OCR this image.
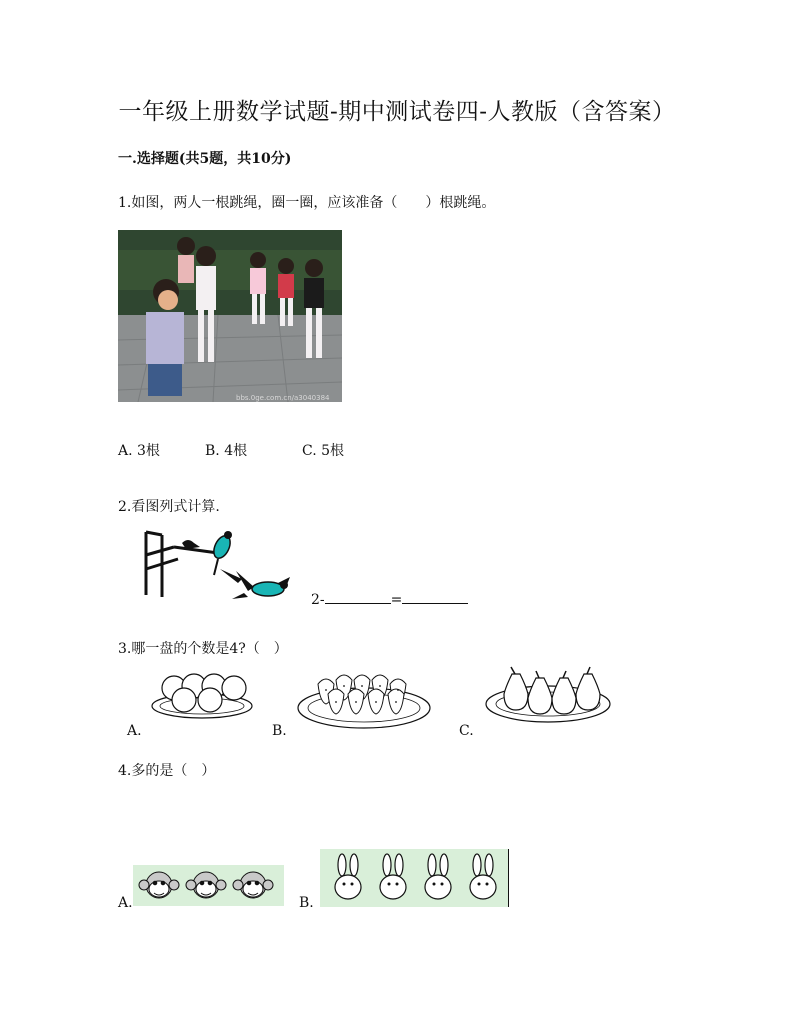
一年级上册数学试题-期中测试卷四-人教版（含答案）
一.选择题(共5题，共10分)
1.如图，两人一根跳绳，圈一圈，应该准备（　　）根跳绳。
bbs.0ge.com.cn/a3040384
A. 3根	B. 4根	C. 5根
2.看图列式计算.
2-	=
3.哪一盘的个数是4?（　）
A.	B.	C.
4.多的是（　）
A.	B.
